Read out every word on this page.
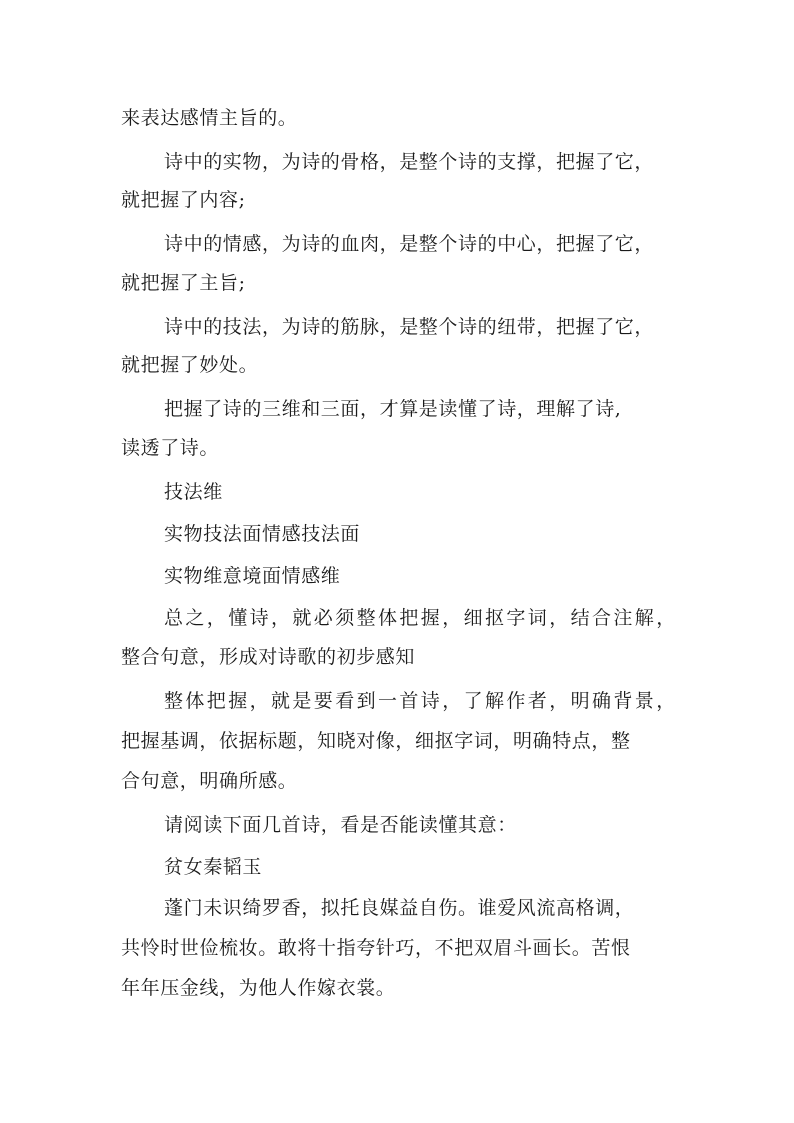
来表达感情主旨的。
诗中的实物，为诗的骨格，是整个诗的支撑，把握了它，
就把握了内容;
诗中的情感，为诗的血肉，是整个诗的中心，把握了它，
就把握了主旨;
诗中的技法，为诗的筋脉，是整个诗的纽带，把握了它，
就把握了妙处。
把握了诗的三维和三面，才算是读懂了诗，理解了诗,
读透了诗。
技法维
实物技法面情感技法面
实物维意境面情感维
总之，懂诗，就必须整体把握，细抠字词，结合注解，
整合句意，形成对诗歌的初步感知
整体把握，就是要看到一首诗，了解作者，明确背景，
把握基调，依据标题，知晓对像，细抠字词，明确特点，整
合句意，明确所感。
请阅读下面几首诗，看是否能读懂其意：
贫女秦韬玉
蓬门未识绮罗香，拟托良媒益自伤。谁爱风流高格调，
共怜时世俭梳妆。敢将十指夸针巧，不把双眉斗画长。苦恨
年年压金线，为他人作嫁衣裳。
